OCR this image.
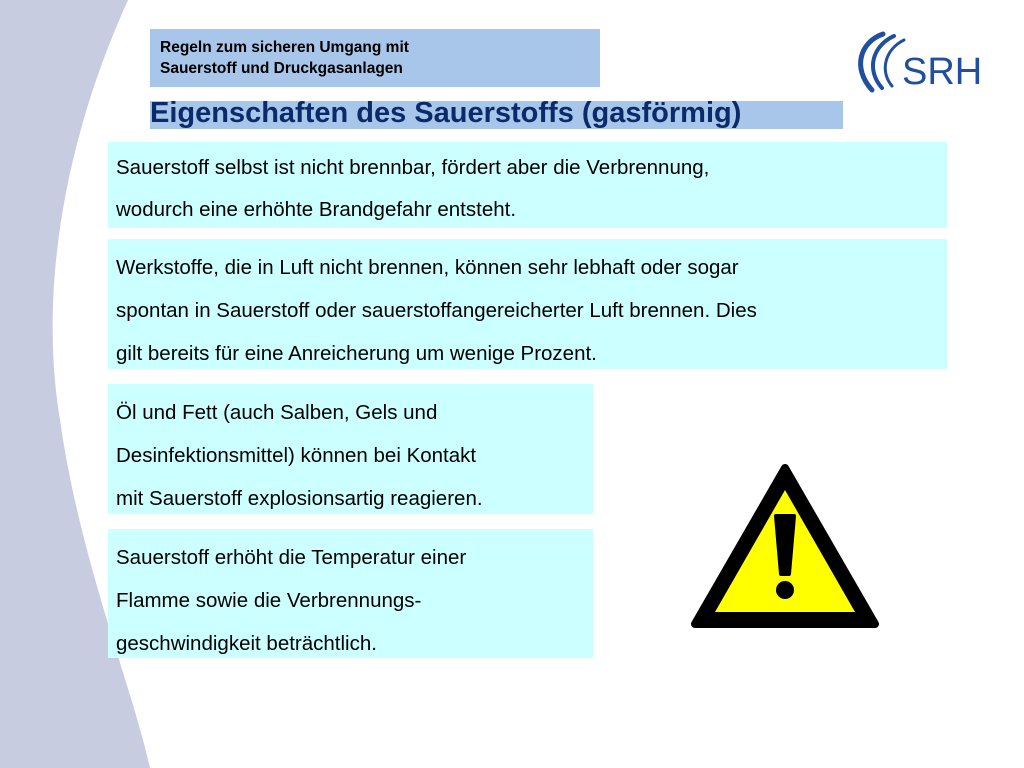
Regeln zum sicheren Umgang mit
Sauerstoff und Druckgasanlagen	SRH
Eigenschaften des Sauerstoffs (gasförmig)
Sauerstoff selbst ist nicht brennbar, fördert aber die Verbrennung,
wodurch eine erhöhte Brandgefahr entsteht.
Werkstoffe, die in Luft nicht brennen, können sehr lebhaft oder sogar
spontan in Sauerstoff oder sauerstoffangereicherter Luft brennen. Dies
gilt bereits für eine Anreicherung um wenige Prozent.
Öl und Fett (auch Salben, Gels und
Desinfektionsmittel) können bei Kontakt
mit Sauerstoff explosionsartig reagieren.
Sauerstoff erhöht die Temperatur einer
Flamme sowie die Verbrennungs-
geschwindigkeit beträchtlich.
